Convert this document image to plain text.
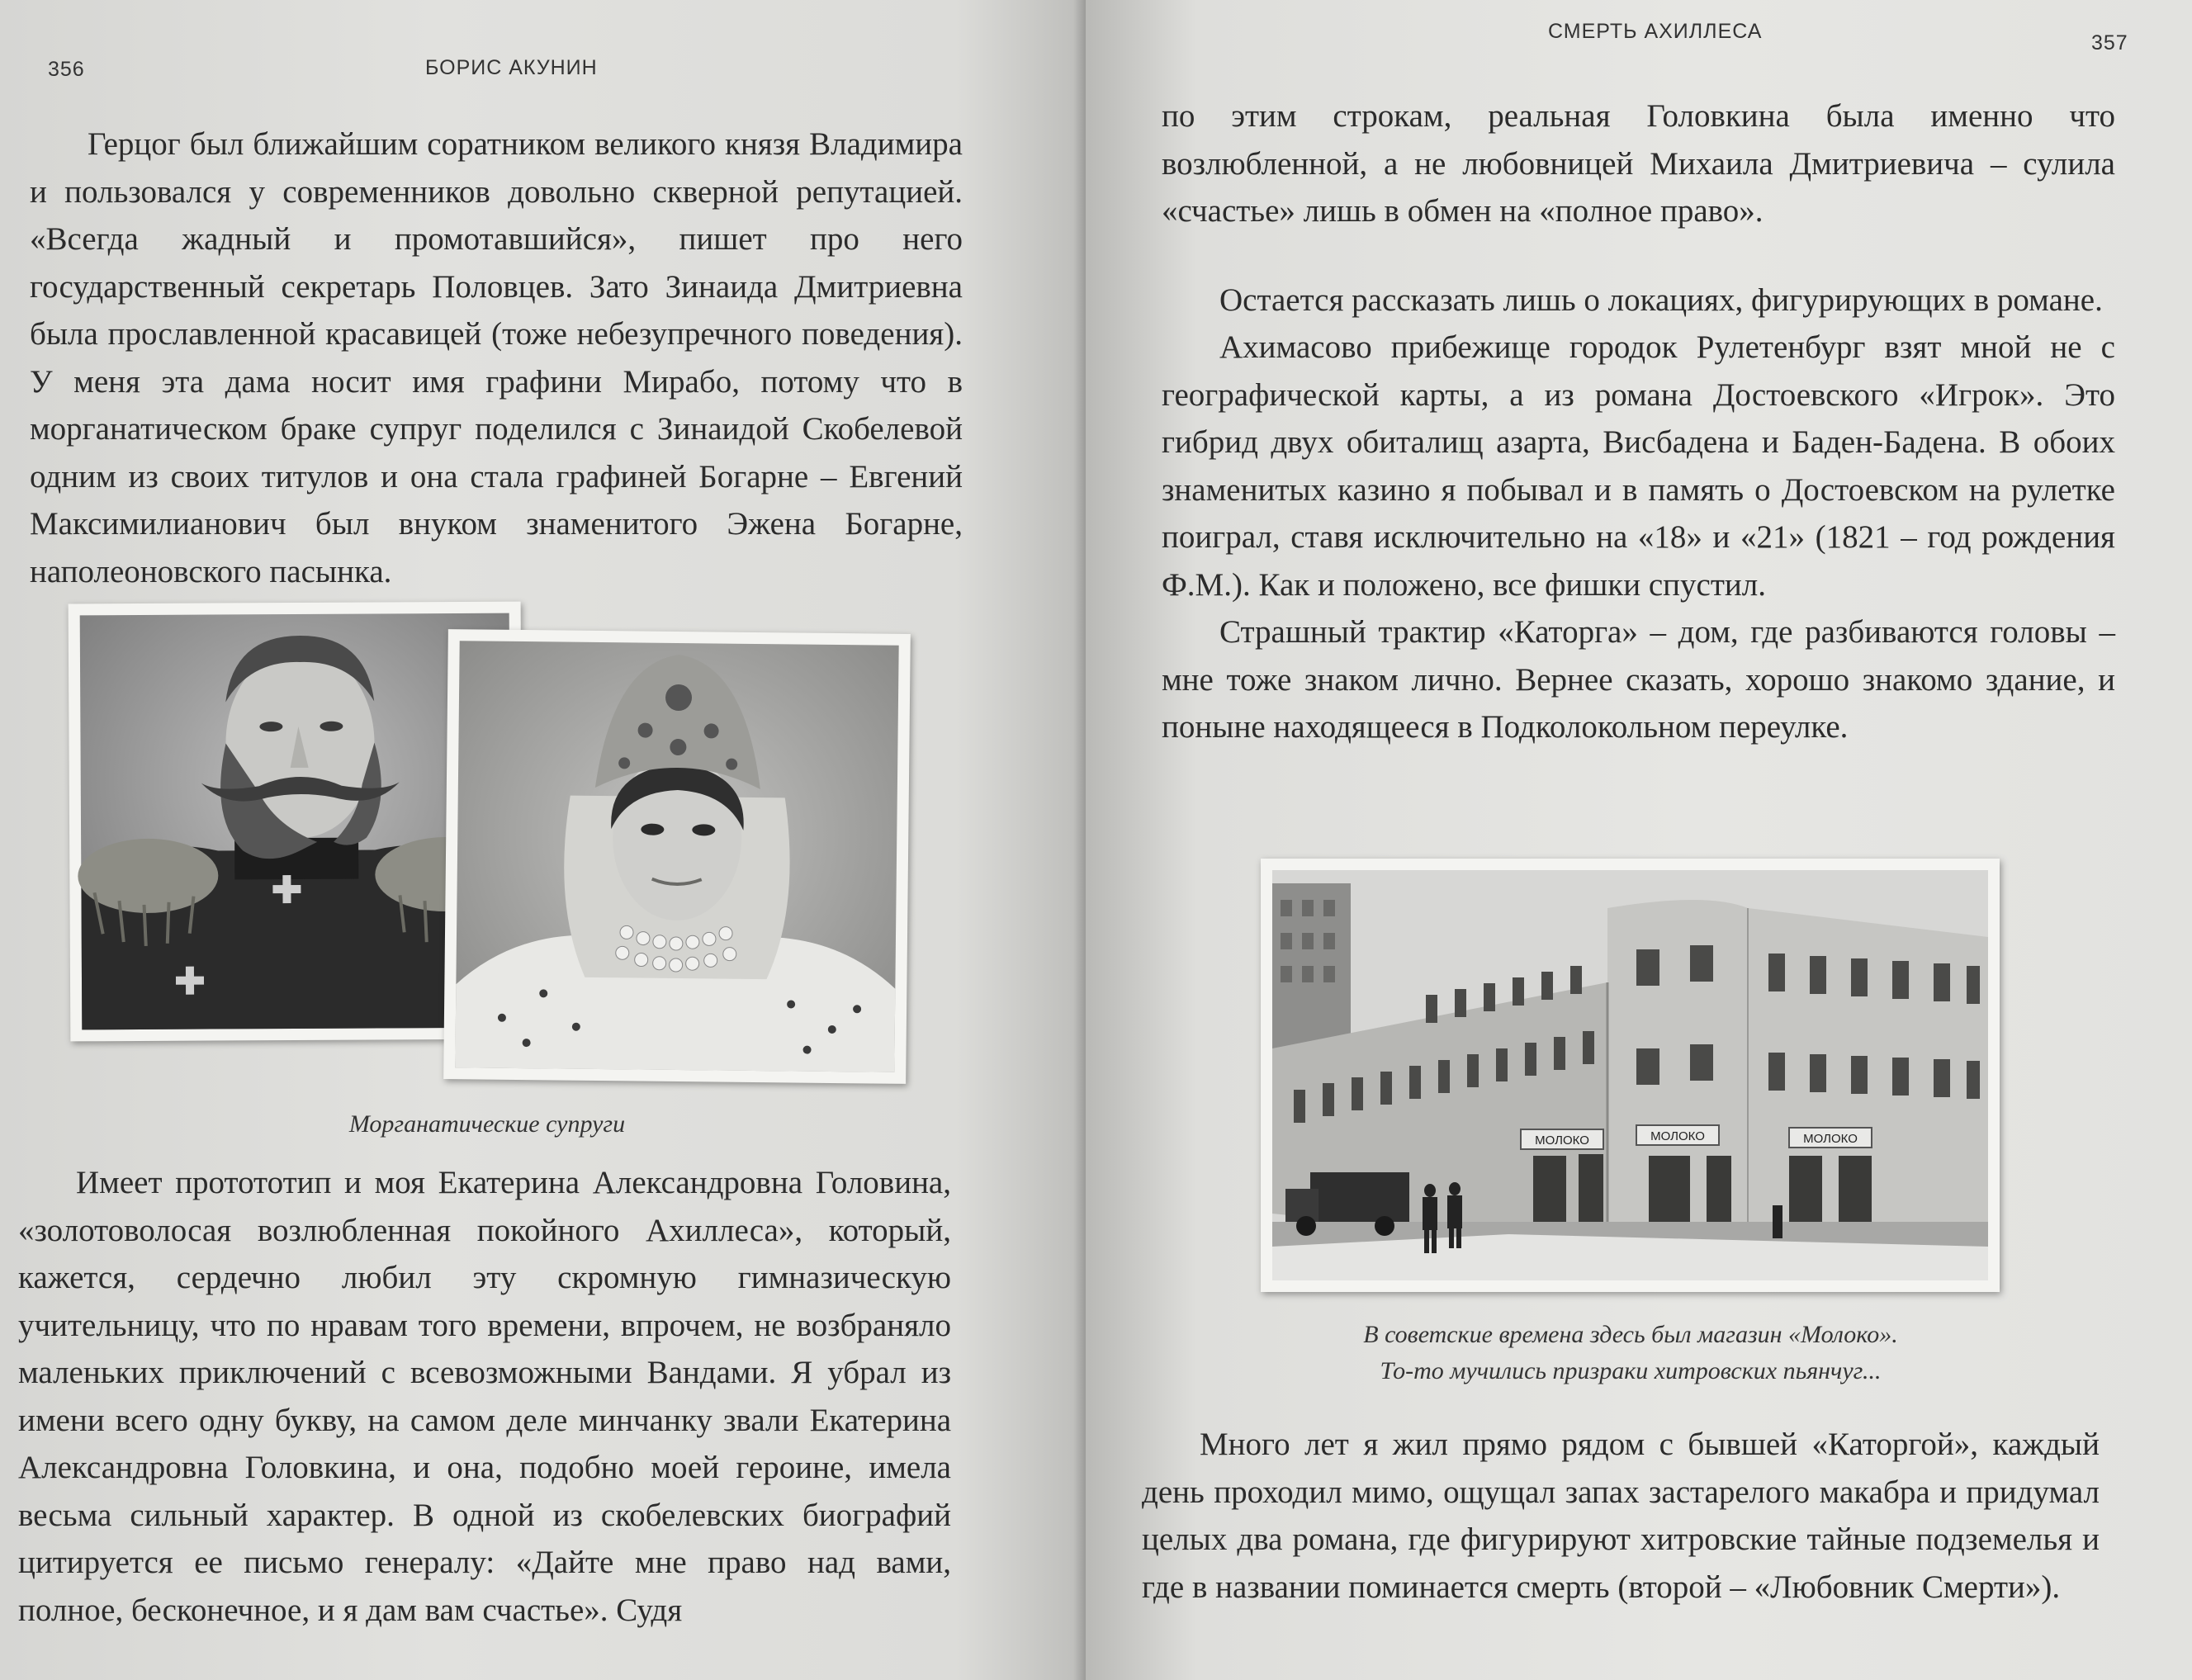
356	БОРИС АКУНИН

Герцог был ближайшим соратником великого князя Владимира и пользовался у современников довольно скверной репутацией. «Всегда жадный и промотавшийся», пишет про него государственный секретарь Половцев. Зато Зинаида Дмитриевна была прославленной красавицей (тоже небезупречного поведения). У меня эта дама носит имя графини Мирабо, потому что в морганатическом браке супруг поделился с Зинаидой Скобелевой одним из своих титулов и она стала графиней Богарне – Евгений Максимилианович был внуком знаменитого Эжена Богарне, наполеоновского пасынка.

Морганатические супруги

Имеет протототип и моя Екатерина Александровна Головина, «золотоволосая возлюбленная покойного Ахиллеса», который, кажется, сердечно любил эту скромную гимназическую учительницу, что по нравам того времени, впрочем, не возбраняло маленьких приключений с всевозможными Вандами. Я убрал из имени всего одну букву, на самом деле минчанку звали Екатерина Александровна Головкина, и она, подобно моей героине, имела весьма сильный характер. В одной из скобелевских биографий цитируется ее письмо генералу: «Дайте мне право над вами, полное, бесконечное, и я дам вам счастье». Судя

СМЕРТЬ АХИЛЛЕСА	357

по этим строкам, реальная Головкина была именно что возлюбленной, а не любовницей Михаила Дмитриевича – сулила «счастье» лишь в обмен на «полное право».

Остается рассказать лишь о локациях, фигурирующих в романе.

Ахимасово прибежище городок Рулетенбург взят мной не с географической карты, а из романа Достоевского «Игрок». Это гибрид двух обиталищ азарта, Висбадена и Баден-Бадена. В обоих знаменитых казино я побывал и в память о Достоевском на рулетке поиграл, ставя исключительно на «18» и «21» (1821 – год рождения Ф.М.). Как и положено, все фишки спустил.

Страшный трактир «Каторга» – дом, где разбиваются головы – мне тоже знаком лично. Вернее сказать, хорошо знакомо здание, и поныне находящееся в Подколокольном переулке.

МОЛОКО	МОЛОКО	МОЛОКО
В советские времена здесь был магазин «Молоко».
То-то мучились призраки хитровских пьянчуг...

Много лет я жил прямо рядом с бывшей «Каторгой», каждый день проходил мимо, ощущал запах застарелого макабра и придумал целых два романа, где фигурируют хитровские тайные подземелья и где в названии поминается смерть (второй – «Любовник Смерти»).
